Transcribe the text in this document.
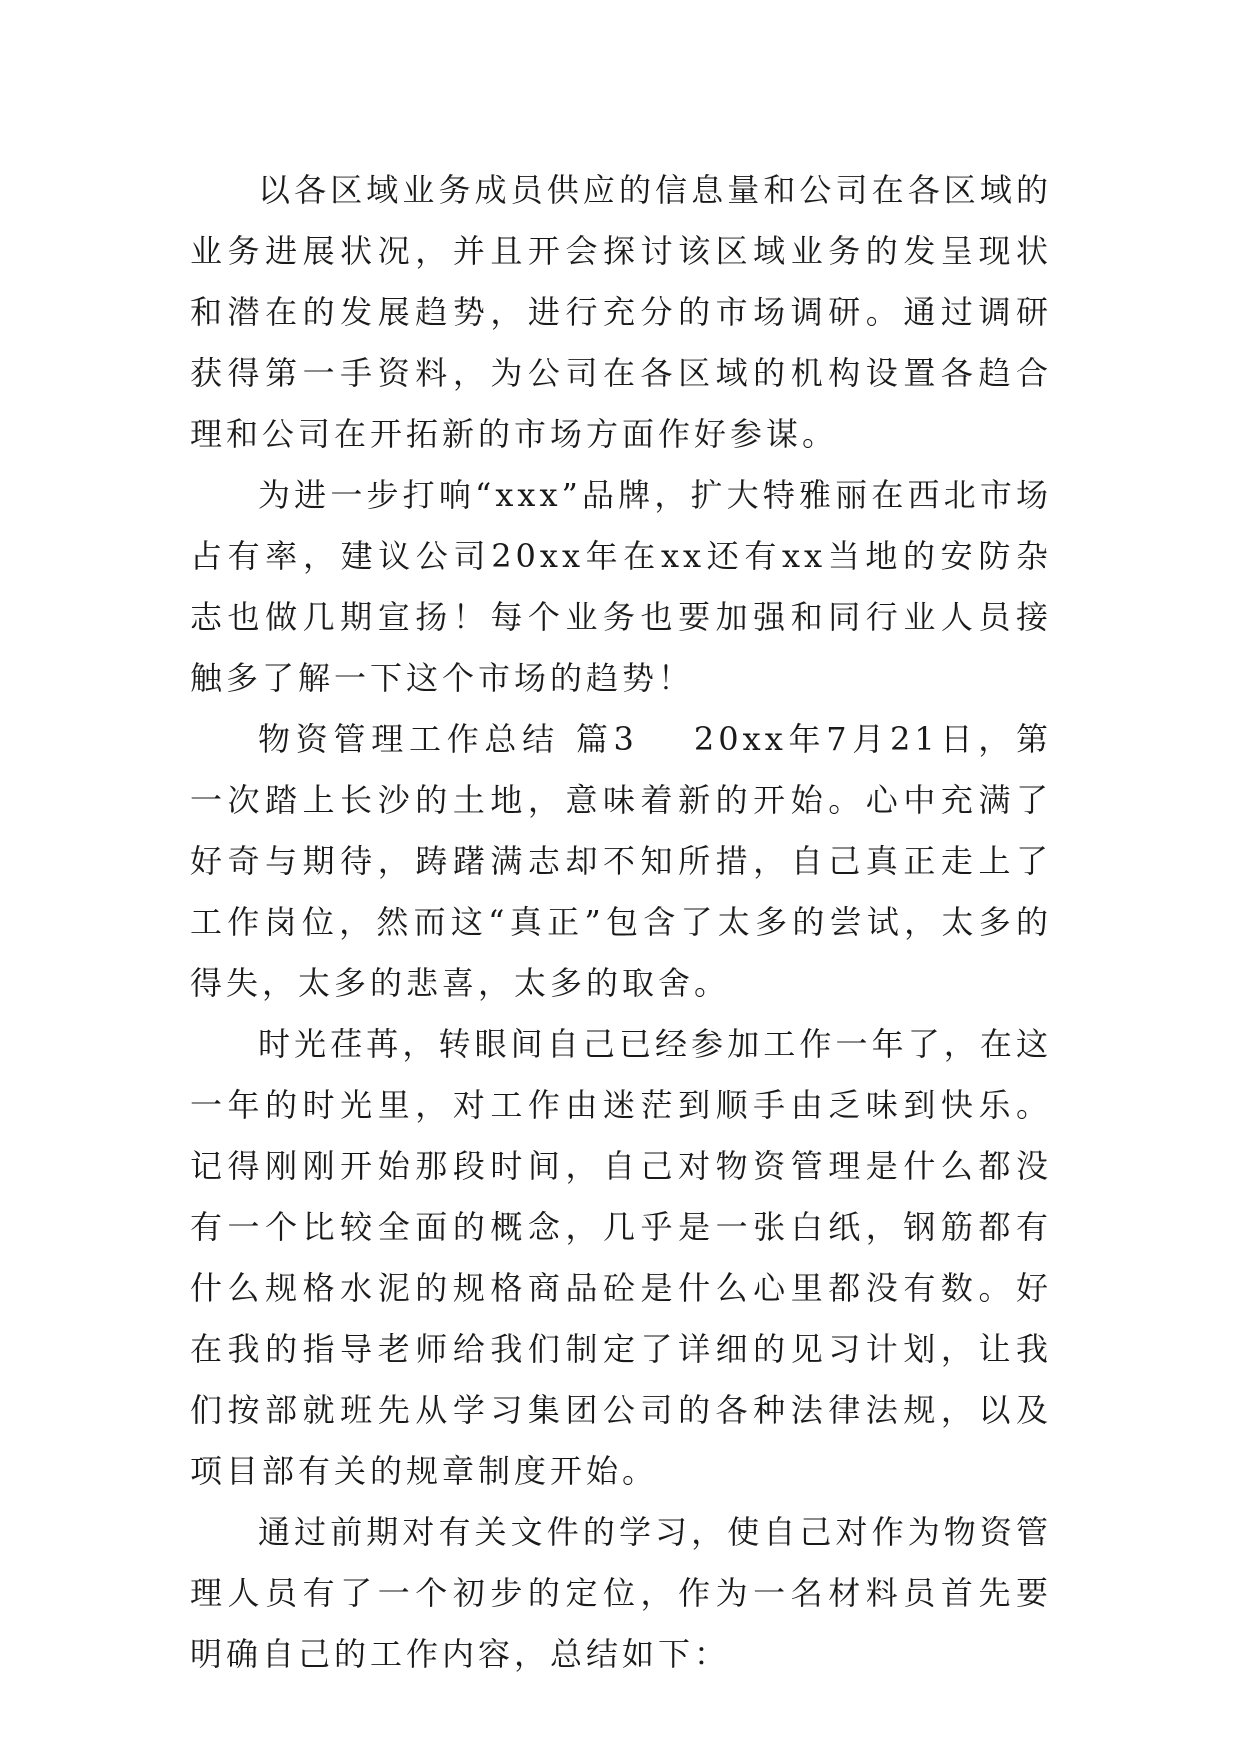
以各区域业务成员供应的信息量和公司在各区域的业务进展状况，并且开会探讨该区域业务的发呈现状和潜在的发展趋势，进行充分的市场调研。通过调研获得第一手资料，为公司在各区域的机构设置各趋合理和公司在开拓新的市场方面作好参谋。

为进一步打响“xxx”品牌，扩大特雅丽在西北市场占有率，建议公司20xx年在xx还有xx当地的安防杂志也做几期宣扬！每个业务也要加强和同行业人员接触多了解一下这个市场的趋势！

物资管理工作总结 篇3 20xx年7月21日，第一次踏上长沙的土地，意味着新的开始。心中充满了好奇与期待，踌躇满志却不知所措，自己真正走上了工作岗位，然而这“真正”包含了太多的尝试，太多的得失，太多的悲喜，太多的取舍。

时光荏苒，转眼间自己已经参加工作一年了，在这一年的时光里，对工作由迷茫到顺手由乏味到快乐。记得刚刚开始那段时间，自己对物资管理是什么都没有一个比较全面的概念，几乎是一张白纸，钢筋都有什么规格水泥的规格商品砼是什么心里都没有数。好在我的指导老师给我们制定了详细的见习计划，让我们按部就班先从学习集团公司的各种法律法规，以及项目部有关的规章制度开始。

通过前期对有关文件的学习，使自己对作为物资管理人员有了一个初步的定位，作为一名材料员首先要明确自己的工作内容，总结如下：
